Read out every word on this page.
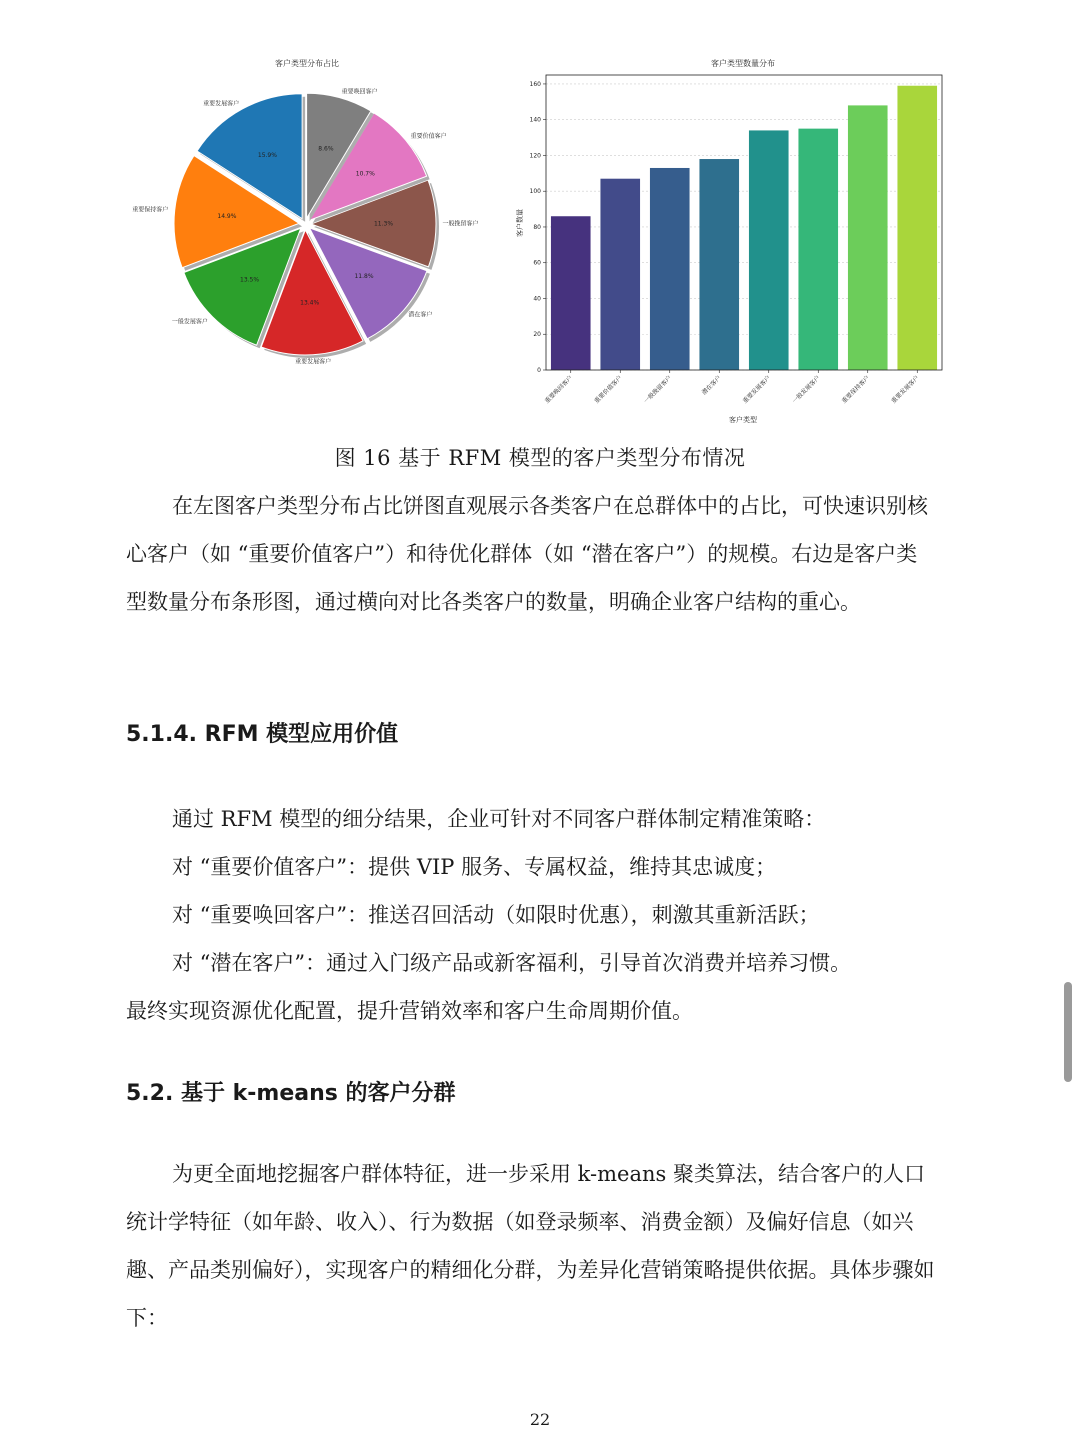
客户类型分布占比
15.9%
重要发展客户
14.9%
重要保持客户
13.5%
一般发展客户
13.4%
重要发展客户
11.8%
潜在客户
11.3%	一般挽留客户
10.7%
重要价值客户
8.6%
重要唤回客户
客户类型数量分布
0
20
40
60
80
100
120
140
160
重要唤回客户	重要价值客户	一般挽留客户	潜在客户	重要发展客户	一般发展客户	重要保持客户	重要发展客户
客户类型
客户数量
图 16 基于 RFM 模型的客户类型分布情况

在左图客户类型分布占比饼图直观展示各类客户在总群体中的占比，可快速识别核心客户（如 “重要价值客户”）和待优化群体（如 “潜在客户”）的规模。右边是客户类型数量分布条形图，通过横向对比各类客户的数量，明确企业客户结构的重心。

5.1.4. RFM 模型应用价值

通过 RFM 模型的细分结果，企业可针对不同客户群体制定精准策略：

对 “重要价值客户”：提供 VIP 服务、专属权益，维持其忠诚度；

对 “重要唤回客户”：推送召回活动（如限时优惠），刺激其重新活跃；

对 “潜在客户”：通过入门级产品或新客福利，引导首次消费并培养习惯。

最终实现资源优化配置，提升营销效率和客户生命周期价值。

5.2. 基于 k-means 的客户分群

为更全面地挖掘客户群体特征，进一步采用 k-means 聚类算法，结合客户的人口统计学特征（如年龄、收入）、行为数据（如登录频率、消费金额）及偏好信息（如兴趣、产品类别偏好），实现客户的精细化分群，为差异化营销策略提供依据。具体步骤如下：

22
